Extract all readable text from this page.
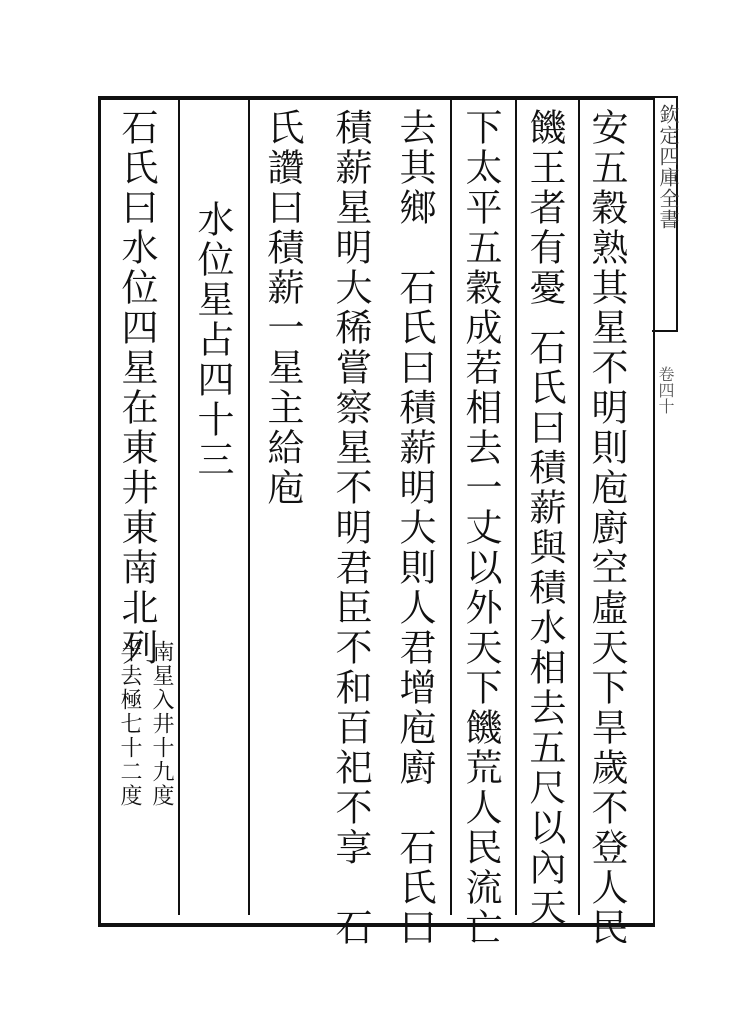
欽定四庫全書
卷四十
安五穀熟其星不明則庖廚空虛天下旱歲不登人民
饑王者有憂石氏曰積薪與積水相去五尺以內天
下太平五穀成若相去一丈以外天下饑荒人民流亡
去其鄉　石氏曰積薪明大則人君增庖廚　石氏曰
積薪星明大稀嘗察星不明君臣不和百祀不享　石
氏讚曰積薪一星主給庖
水位星占四十三
石氏曰水位四星在東井東南北列
南星入井十九度
半去極七十二度
